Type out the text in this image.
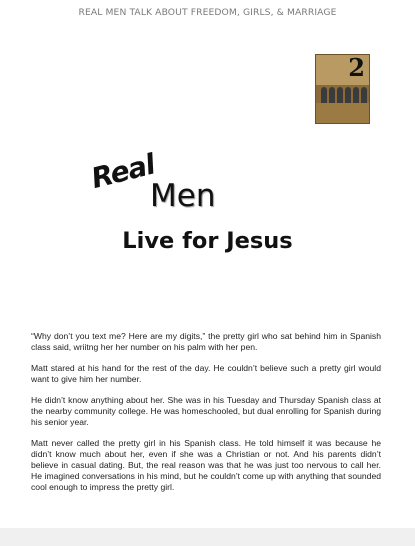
REAL MEN TALK ABOUT FREEDOM, GIRLS, & MARRIAGE
2
Real
Men
Live for Jesus

“Why don’t you text me? Here are my digits,” the pretty girl who sat behind him in Spanish class said, wriitng her her number on his palm with her pen.

Matt stared at his hand for the rest of the day. He couldn’t believe such a pretty girl would want to give him her number.

He didn’t know anything about her. She was in his Tuesday and Thursday Spanish class at the nearby community college. He was homeschooled, but dual enrolling for Spanish during his senior year.

Matt never called the pretty girl in his Spanish class. He told himself it was because he didn’t know much about her, even if she was a Christian or not. And his parents didn’t believe in casual dating. But, the real reason was that he was just too nervous to call her. He imagined conversations in his mind, but he couldn’t come up with anything that sounded cool enough to impress the pretty girl.
